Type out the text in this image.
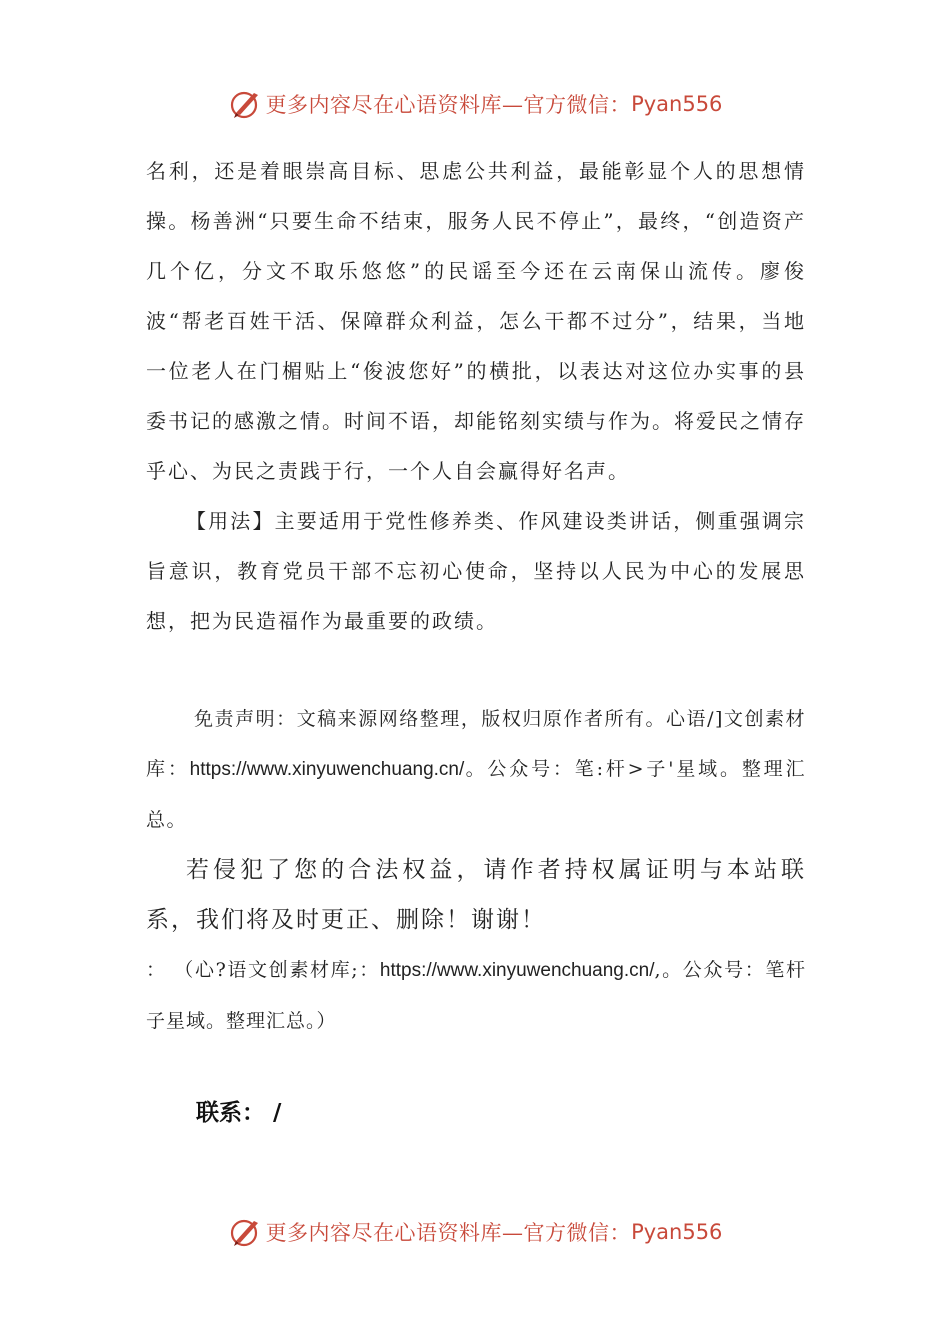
更多内容尽在心语资料库—官方微信： Pyan556

名利，还是着眼崇高目标、思虑公共利益，最能彰显个人的思想情操。杨善洲“只要生命不结束，服务人民不停止”，最终，“创造资产几个亿，分文不取乐悠悠”的民谣至今还在云南保山流传。廖俊波“帮老百姓干活、保障群众利益，怎么干都不过分”，结果，当地一位老人在门楣贴上“俊波您好”的横批，以表达对这位办实事的县委书记的感激之情。时间不语，却能铭刻实绩与作为。将爱民之情存乎心、为民之责践于行，一个人自会赢得好名声。

【用法】主要适用于党性修养类、作风建设类讲话，侧重强调宗旨意识，教育党员干部不忘初心使命，坚持以人民为中心的发展思想，把为民造福作为最重要的政绩。

免责声明：文稿来源网络整理，版权归原作者所有。心语/]文创素材库：https://www.xinyuwenchuang.cn/。公众号：笔:杆>子'星域。整理汇总。

若侵犯了您的合法权益，请作者持权属证明与本站联系，我们将及时更正、删除！谢谢！

： （心?语文创素材库;：https://www.xinyuwenchuang.cn/,。公众号：笔杆子星域。整理汇总。）

联系： /
更多内容尽在心语资料库—官方微信： Pyan556
